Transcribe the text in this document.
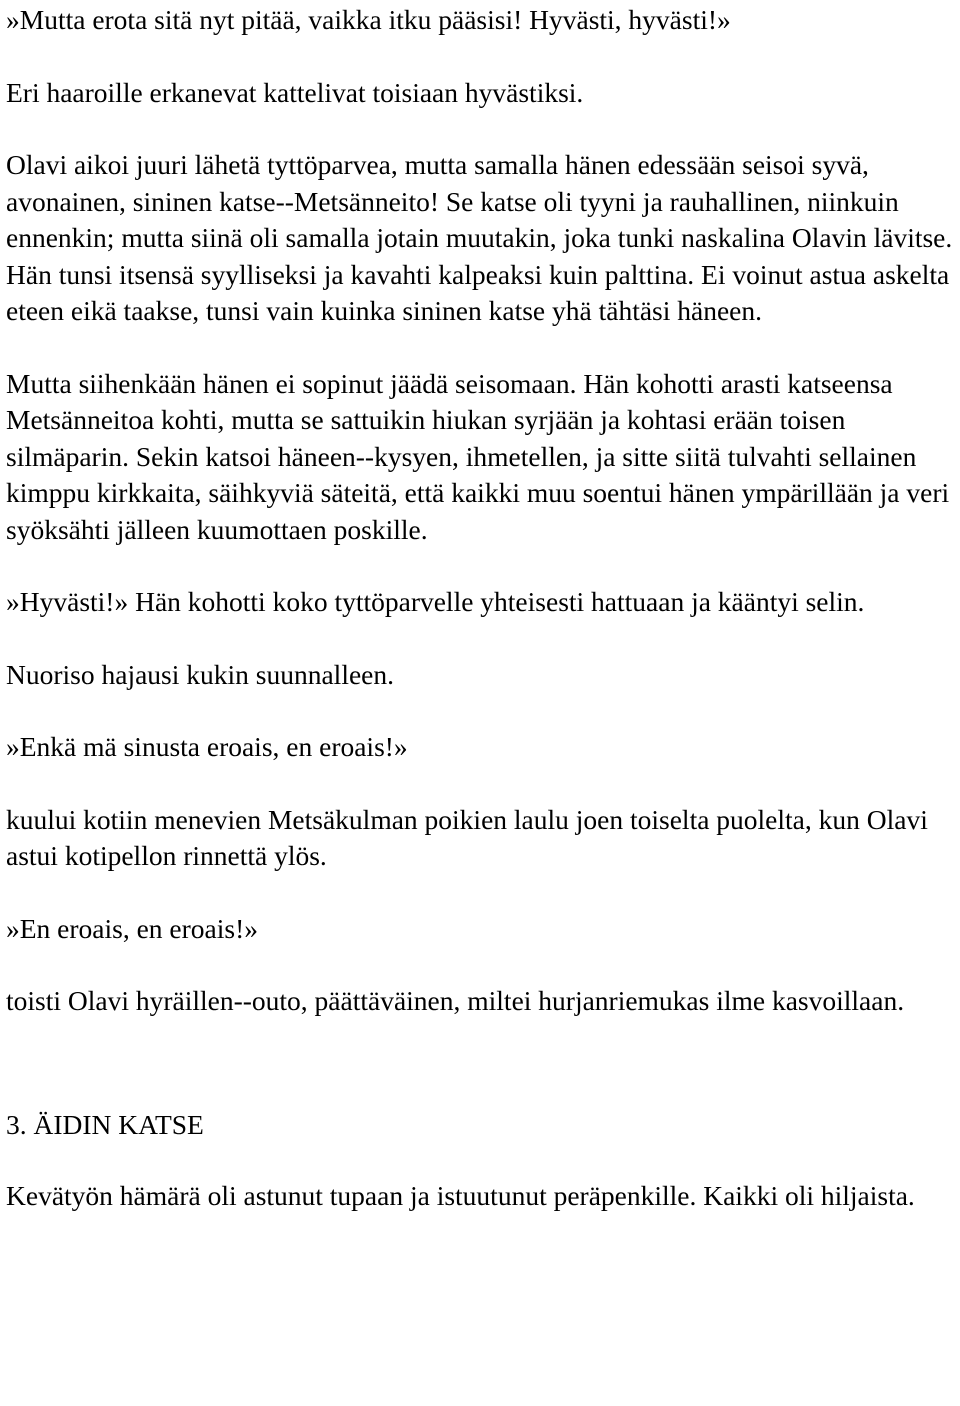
»Mutta erota sitä nyt pitää, vaikka itku pääsisi! Hyvästi, hyvästi!»

Eri haaroille erkanevat kattelivat toisiaan hyvästiksi.

Olavi aikoi juuri lähetä tyttöparvea, mutta samalla hänen edessään seisoi syvä, avonainen, sininen katse--Metsänneito! Se katse oli tyyni ja rauhallinen, niinkuin ennenkin; mutta siinä oli samalla jotain muutakin, joka tunki naskalina Olavin lävitse. Hän tunsi itsensä syylliseksi ja kavahti kalpeaksi kuin palttina. Ei voinut astua askelta eteen eikä taakse, tunsi vain kuinka sininen katse yhä tähtäsi häneen.

Mutta siihenkään hänen ei sopinut jäädä seisomaan. Hän kohotti arasti katseensa Metsänneitoa kohti, mutta se sattuikin hiukan syrjään ja kohtasi erään toisen silmäparin. Sekin katsoi häneen--kysyen, ihmetellen, ja sitte siitä tulvahti sellainen kimppu kirkkaita, säihkyviä säteitä, että kaikki muu soentui hänen ympärillään ja veri syöksähti jälleen kuumottaen poskille.

»Hyvästi!» Hän kohotti koko tyttöparvelle yhteisesti hattuaan ja kääntyi selin.

Nuoriso hajausi kukin suunnalleen.

»Enkä mä sinusta eroais, en eroais!»

kuului kotiin menevien Metsäkulman poikien laulu joen toiselta puolelta, kun Olavi astui kotipellon rinnettä ylös.

»En eroais, en eroais!»

toisti Olavi hyräillen--outo, päättäväinen, miltei hurjanriemukas ilme kasvoillaan.

3. ÄIDIN KATSE

Kevätyön hämärä oli astunut tupaan ja istuutunut peräpenkille. Kaikki oli hiljaista.
